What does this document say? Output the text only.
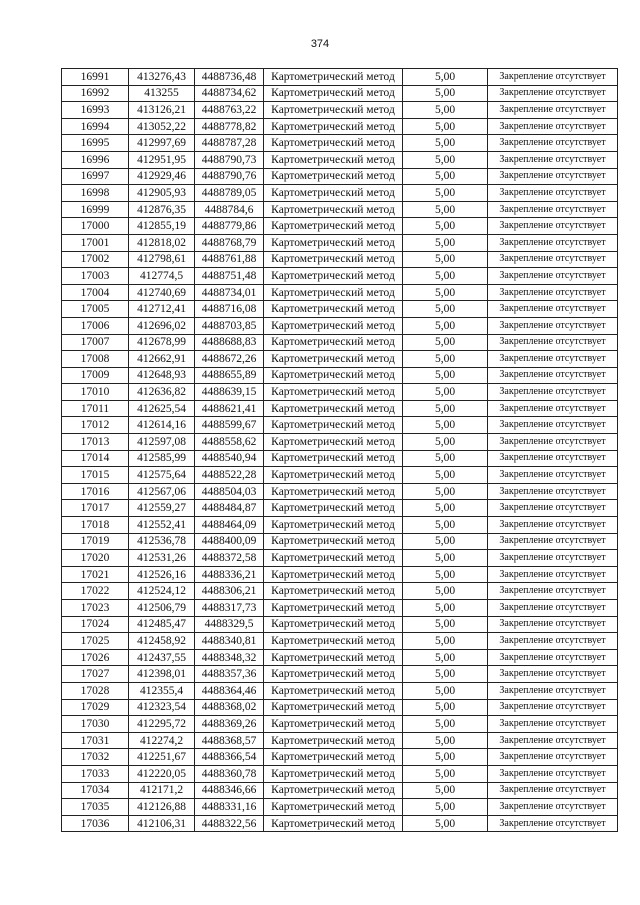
374
16991	413276,43	4488736,48	Картометрический метод	5,00	Закрепление отсутствует
16992	413255	4488734,62	Картометрический метод	5,00	Закрепление отсутствует
16993	413126,21	4488763,22	Картометрический метод	5,00	Закрепление отсутствует
16994	413052,22	4488778,82	Картометрический метод	5,00	Закрепление отсутствует
16995	412997,69	4488787,28	Картометрический метод	5,00	Закрепление отсутствует
16996	412951,95	4488790,73	Картометрический метод	5,00	Закрепление отсутствует
16997	412929,46	4488790,76	Картометрический метод	5,00	Закрепление отсутствует
16998	412905,93	4488789,05	Картометрический метод	5,00	Закрепление отсутствует
16999	412876,35	4488784,6	Картометрический метод	5,00	Закрепление отсутствует
17000	412855,19	4488779,86	Картометрический метод	5,00	Закрепление отсутствует
17001	412818,02	4488768,79	Картометрический метод	5,00	Закрепление отсутствует
17002	412798,61	4488761,88	Картометрический метод	5,00	Закрепление отсутствует
17003	412774,5	4488751,48	Картометрический метод	5,00	Закрепление отсутствует
17004	412740,69	4488734,01	Картометрический метод	5,00	Закрепление отсутствует
17005	412712,41	4488716,08	Картометрический метод	5,00	Закрепление отсутствует
17006	412696,02	4488703,85	Картометрический метод	5,00	Закрепление отсутствует
17007	412678,99	4488688,83	Картометрический метод	5,00	Закрепление отсутствует
17008	412662,91	4488672,26	Картометрический метод	5,00	Закрепление отсутствует
17009	412648,93	4488655,89	Картометрический метод	5,00	Закрепление отсутствует
17010	412636,82	4488639,15	Картометрический метод	5,00	Закрепление отсутствует
17011	412625,54	4488621,41	Картометрический метод	5,00	Закрепление отсутствует
17012	412614,16	4488599,67	Картометрический метод	5,00	Закрепление отсутствует
17013	412597,08	4488558,62	Картометрический метод	5,00	Закрепление отсутствует
17014	412585,99	4488540,94	Картометрический метод	5,00	Закрепление отсутствует
17015	412575,64	4488522,28	Картометрический метод	5,00	Закрепление отсутствует
17016	412567,06	4488504,03	Картометрический метод	5,00	Закрепление отсутствует
17017	412559,27	4488484,87	Картометрический метод	5,00	Закрепление отсутствует
17018	412552,41	4488464,09	Картометрический метод	5,00	Закрепление отсутствует
17019	412536,78	4488400,09	Картометрический метод	5,00	Закрепление отсутствует
17020	412531,26	4488372,58	Картометрический метод	5,00	Закрепление отсутствует
17021	412526,16	4488336,21	Картометрический метод	5,00	Закрепление отсутствует
17022	412524,12	4488306,21	Картометрический метод	5,00	Закрепление отсутствует
17023	412506,79	4488317,73	Картометрический метод	5,00	Закрепление отсутствует
17024	412485,47	4488329,5	Картометрический метод	5,00	Закрепление отсутствует
17025	412458,92	4488340,81	Картометрический метод	5,00	Закрепление отсутствует
17026	412437,55	4488348,32	Картометрический метод	5,00	Закрепление отсутствует
17027	412398,01	4488357,36	Картометрический метод	5,00	Закрепление отсутствует
17028	412355,4	4488364,46	Картометрический метод	5,00	Закрепление отсутствует
17029	412323,54	4488368,02	Картометрический метод	5,00	Закрепление отсутствует
17030	412295,72	4488369,26	Картометрический метод	5,00	Закрепление отсутствует
17031	412274,2	4488368,57	Картометрический метод	5,00	Закрепление отсутствует
17032	412251,67	4488366,54	Картометрический метод	5,00	Закрепление отсутствует
17033	412220,05	4488360,78	Картометрический метод	5,00	Закрепление отсутствует
17034	412171,2	4488346,66	Картометрический метод	5,00	Закрепление отсутствует
17035	412126,88	4488331,16	Картометрический метод	5,00	Закрепление отсутствует
17036	412106,31	4488322,56	Картометрический метод	5,00	Закрепление отсутствует
